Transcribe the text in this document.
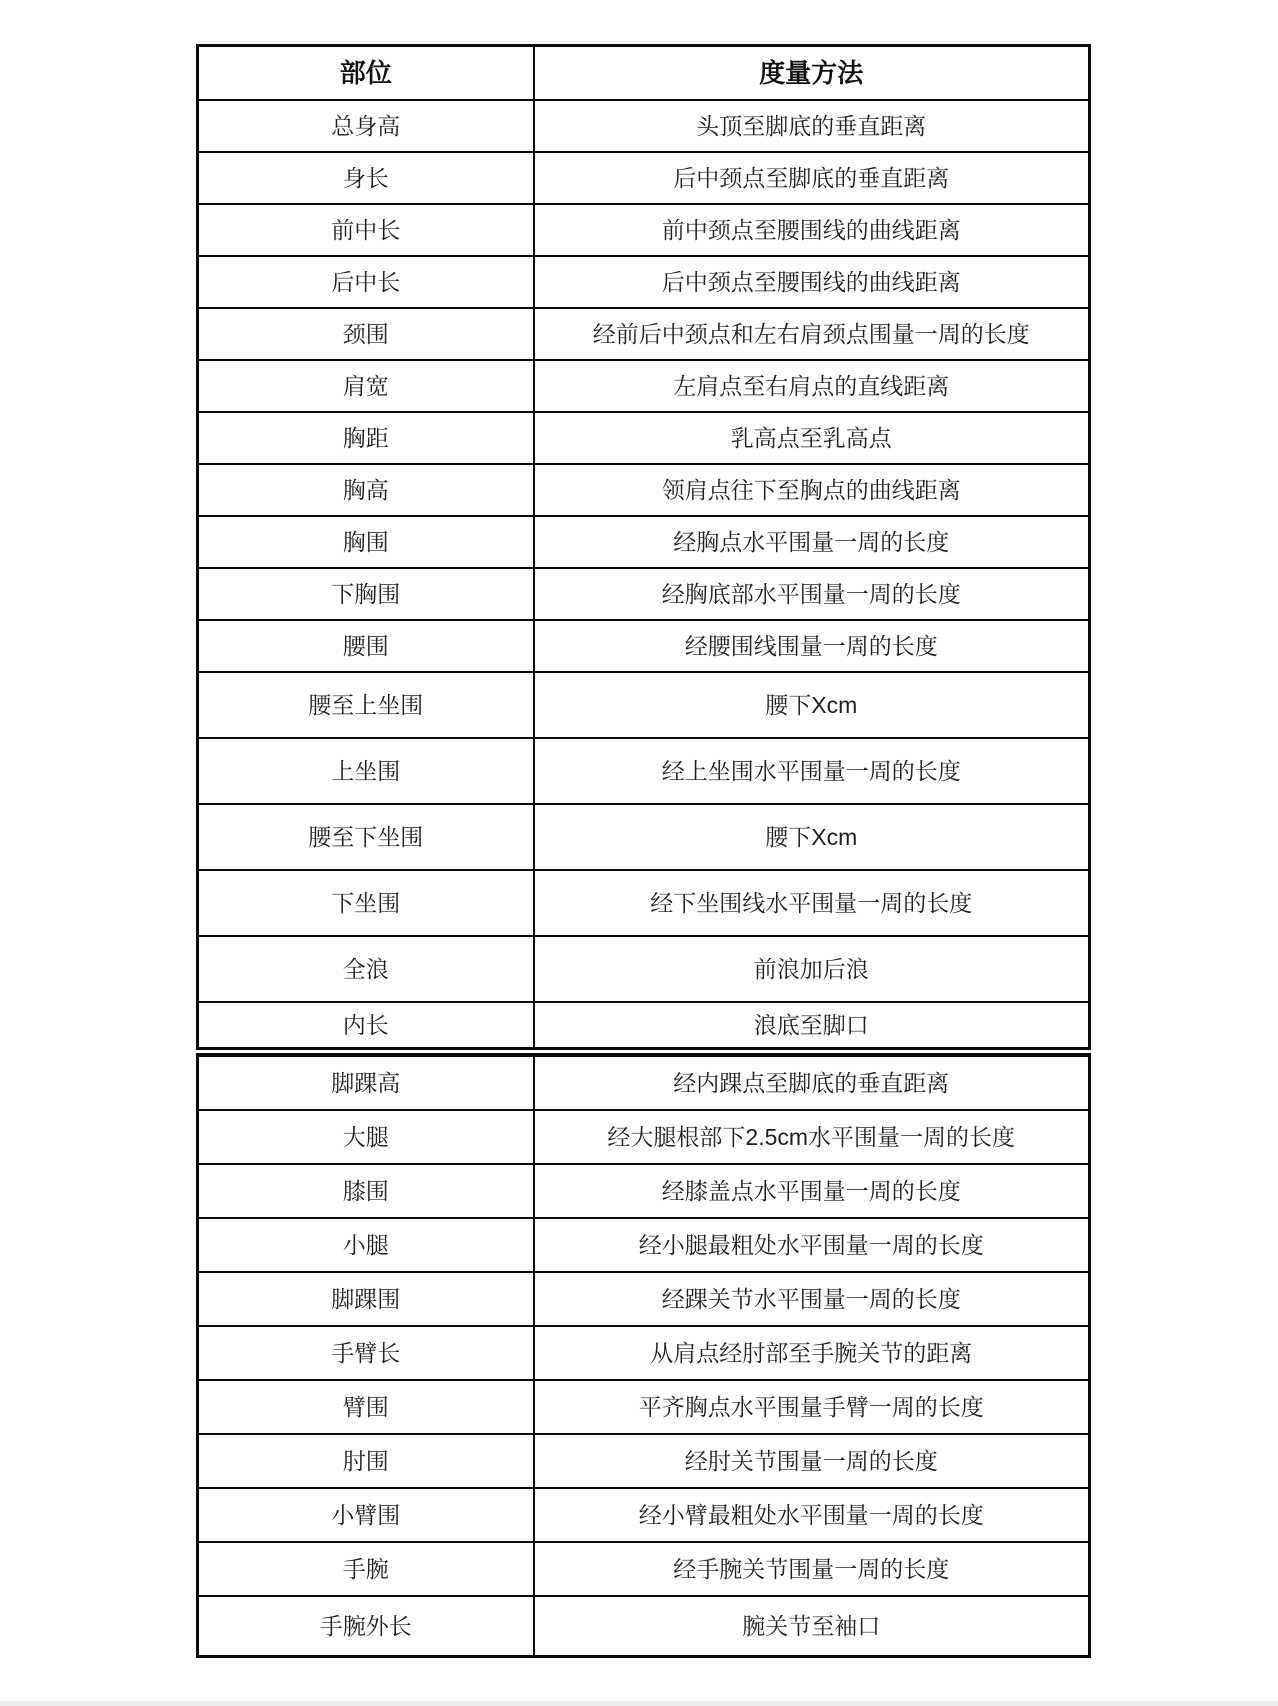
部位	度量方法
总身高	头顶至脚底的垂直距离
身长	后中颈点至脚底的垂直距离
前中长	前中颈点至腰围线的曲线距离
后中长	后中颈点至腰围线的曲线距离
颈围	经前后中颈点和左右肩颈点围量一周的长度
肩宽	左肩点至右肩点的直线距离
胸距	乳高点至乳高点
胸高	领肩点往下至胸点的曲线距离
胸围	经胸点水平围量一周的长度
下胸围	经胸底部水平围量一周的长度
腰围	经腰围线围量一周的长度
腰至上坐围	腰下Xcm
上坐围	经上坐围水平围量一周的长度
腰至下坐围	腰下Xcm
下坐围	经下坐围线水平围量一周的长度
全浪	前浪加后浪
内长	浪底至脚口
脚踝高	经内踝点至脚底的垂直距离
大腿	经大腿根部下2.5cm水平围量一周的长度
膝围	经膝盖点水平围量一周的长度
小腿	经小腿最粗处水平围量一周的长度
脚踝围	经踝关节水平围量一周的长度
手臂长	从肩点经肘部至手腕关节的距离
臂围	平齐胸点水平围量手臂一周的长度
肘围	经肘关节围量一周的长度
小臂围	经小臂最粗处水平围量一周的长度
手腕	经手腕关节围量一周的长度
手腕外长	腕关节至袖口
